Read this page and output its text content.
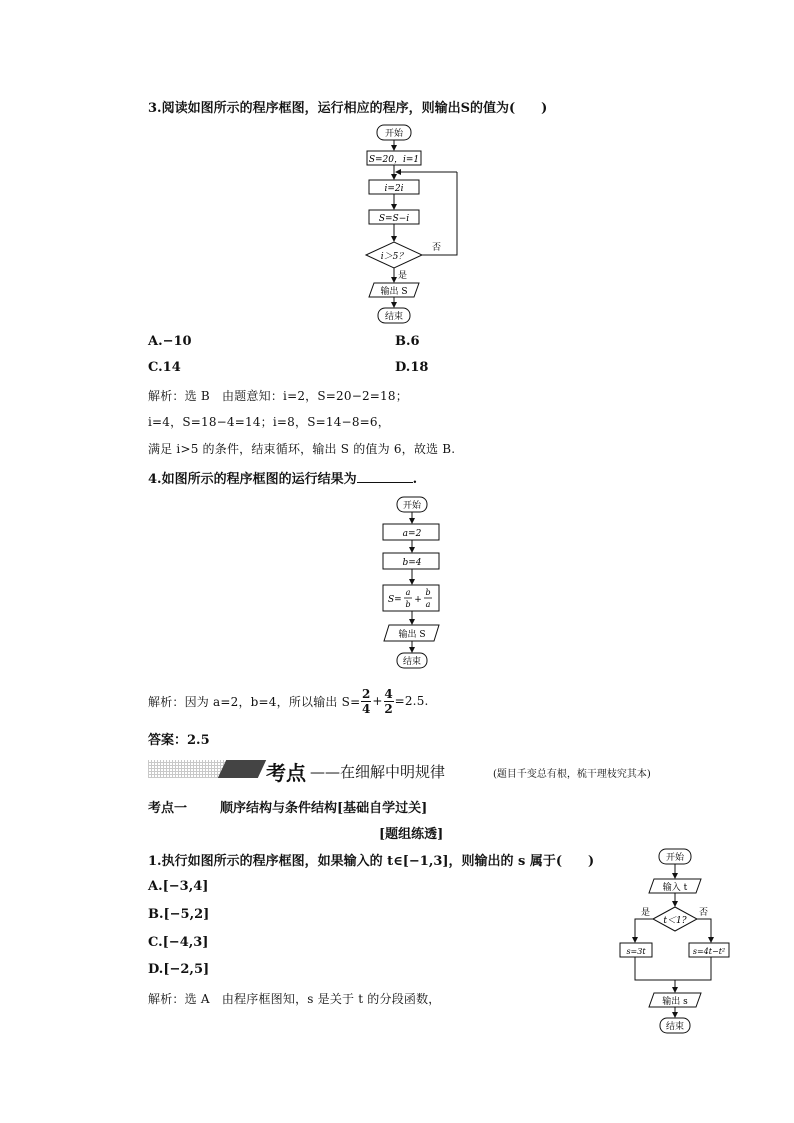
3.阅读如图所示的程序框图，运行相应的程序，则输出S的值为(　　)
开始
S=20，i=1
i=2i
S=S−i
i＞5？
否
是
输出 S
结束
A.−10	B.6
C.14	D.18
解析：选 B　由题意知：i=2，S=20−2=18；
i=4，S=18−4=14；i=8，S=14−8=6，
满足 i>5 的条件，结束循环，输出 S 的值为 6，故选 B.
4.如图所示的程序框图的运行结果为	.
开始
a=2
b=4
S=
a
b +
b
a
输出 S
结束
解析：因为 a=2，b=4，所以输出 S=
2
4
+
4
2
=2.5.
答案：2.5
考点 ——在细解中明规律	(题目千变总有根，梳干理枝究其本)
考点一	顺序结构与条件结构[基础自学过关]
[题组练透]
1.执行如图所示的程序框图，如果输入的 t∈[−1,3]，则输出的 s 属于(　　)
A.[−3,4]
B.[−5,2]
C.[−4,3]
D.[−2,5]
解析：选 A　由程序框图知，s 是关于 t 的分段函数，
开始
输入 t
t＜1?
是	否
s=3t	s=4t−t²
输出 s
结束
